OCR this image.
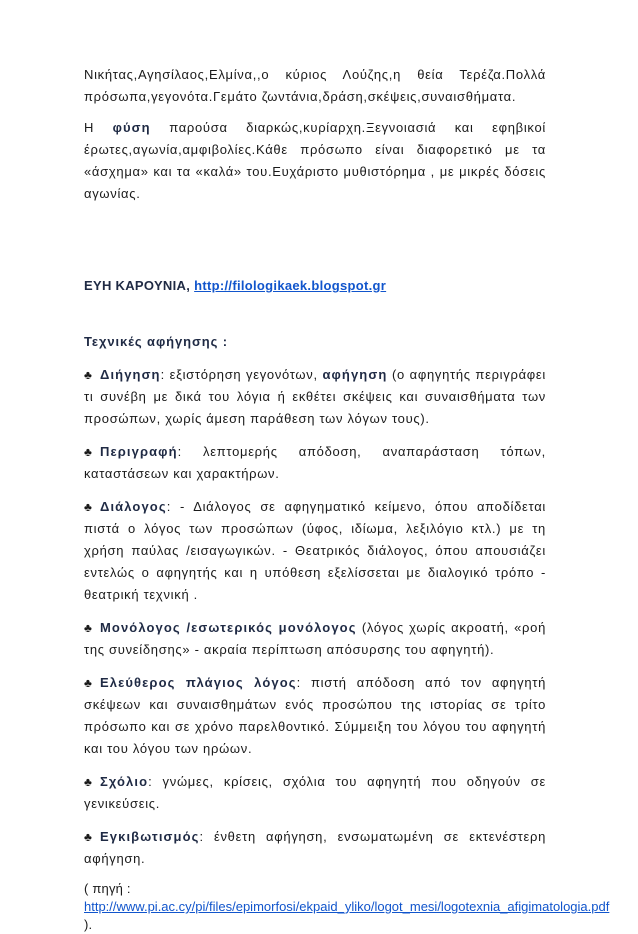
Νικήτας,Αγησίλαος,Ελμίνα,,ο κύριος Λούζης,η θεία Τερέζα.Πολλά πρόσωπα,γεγονότα.Γεμάτο ζωντάνια,δράση,σκέψεις,συναισθήματα.

Η φύση παρούσα διαρκώς,κυρίαρχη.Ξεγνοιασιά και εφηβικοί έρωτες,αγωνία,αμφιβολίες.Κάθε πρόσωπο είναι διαφορετικό με τα «άσχημα» και τα «καλά» του.Ευχάριστο μυθιστόρημα , με μικρές δόσεις αγωνίας.

ΕΥΗ ΚΑΡΟΥΝΙΑ, http://filologikaek.blogspot.gr

Τεχνικές αφήγησης :

♣ Διήγηση: εξιστόρηση γεγονότων, αφήγηση (ο αφηγητής περιγράφει τι συνέβη με δικά του λόγια ή εκθέτει σκέψεις και συναισθήματα των προσώπων, χωρίς άμεση παράθεση των λόγων τους).

♣ Περιγραφή: λεπτομερής απόδοση, αναπαράσταση τόπων, καταστάσεων και χαρακτήρων.

♣ Διάλογος: - Διάλογος σε αφηγηματικό κείμενο, όπου αποδίδεται πιστά ο λόγος των προσώπων (ύφος, ιδίωμα, λεξιλόγιο κτλ.) με τη χρήση παύλας /εισαγωγικών. - Θεατρικός διάλογος, όπου απουσιάζει εντελώς ο αφηγητής και η υπόθεση εξελίσσεται με διαλογικό τρόπο - θεατρική τεχνική .

♣ Μονόλογος /εσωτερικός μονόλογος (λόγος χωρίς ακροατή, «ροή της συνείδησης» - ακραία περίπτωση απόσυρσης του αφηγητή).

♣ Ελεύθερος πλάγιος λόγος: πιστή απόδοση από τον αφηγητή σκέψεων και συναισθημάτων ενός προσώπου της ιστορίας σε τρίτο πρόσωπο και σε χρόνο παρελθοντικό. Σύμμειξη του λόγου του αφηγητή και του λόγου των ηρώων.

♣ Σχόλιο: γνώμες, κρίσεις, σχόλια του αφηγητή που οδηγούν σε γενικεύσεις.

♣ Εγκιβωτισμός: ένθετη αφήγηση, ενσωματωμένη σε εκτενέστερη αφήγηση.

( πηγή :
http://www.pi.ac.cy/pi/files/epimorfosi/ekpaid_yliko/logot_mesi/logotexnia_afigimatologia.pdf ).
